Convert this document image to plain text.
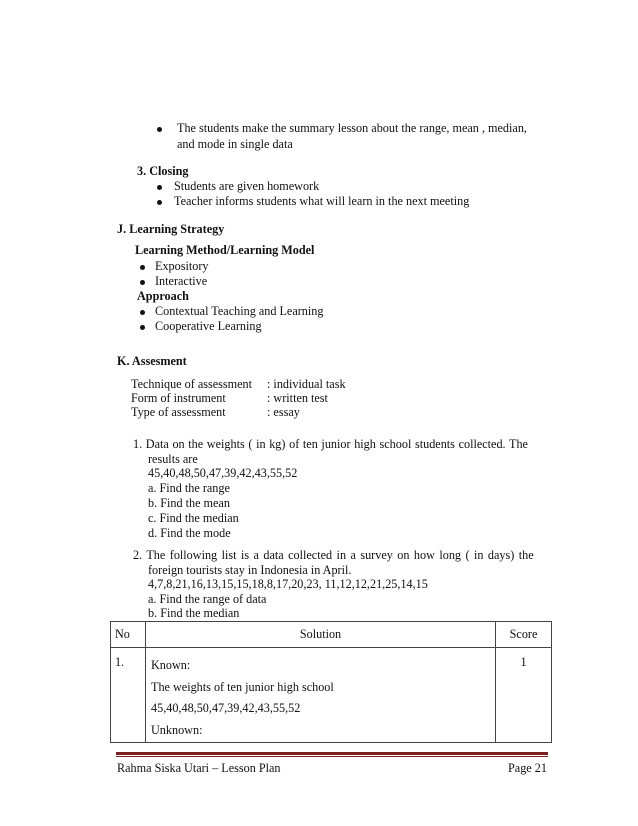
The students make the summary lesson about the range, mean , median,
and mode in single data
3. Closing
Students are given homework
Teacher informs students what will learn in the next meeting
J. Learning Strategy
Learning Method/Learning Model
Expository
Interactive
Approach
Contextual Teaching and Learning
Cooperative Learning
K. Assesment
Technique of assessment : individual task
Form of instrument	: written test
Type of assessment	: essay
1. Data on the weights ( in kg) of ten junior high school students collected. The
results are
45,40,48,50,47,39,42,43,55,52
a. Find the range
b. Find the mean
c. Find the median
d. Find the mode
2. The following list is a data collected in a survey on how long ( in days) the
foreign tourists stay in Indonesia in April.
4,7,8,21,16,13,15,15,18,8,17,20,23, 11,12,12,21,25,14,15
a. Find the range of data
b. Find the median
No	Solution	Score
1.	Known:
The weights of ten junior high school
45,40,48,50,47,39,42,43,55,52
Unknown:	1
Rahma Siska Utari – Lesson Plan	Page 21
